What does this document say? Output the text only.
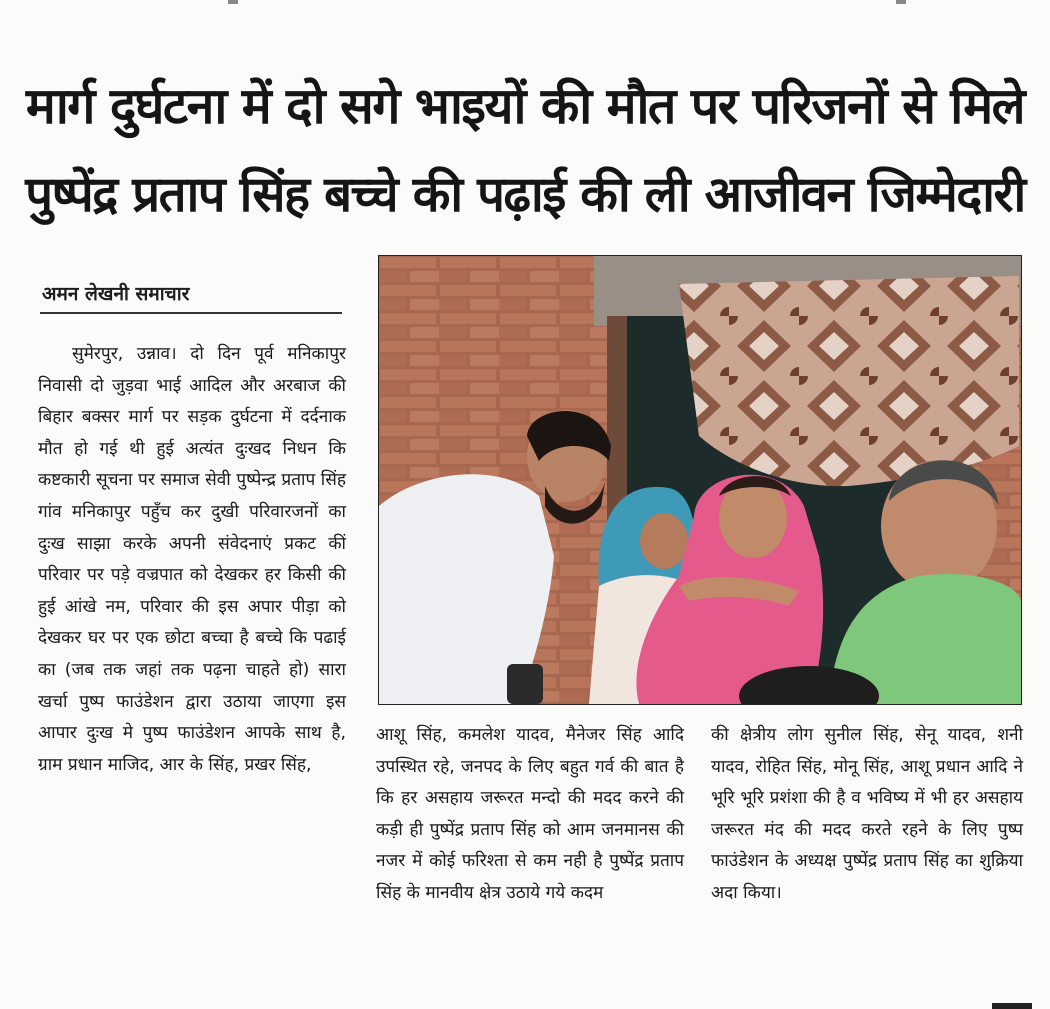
मार्ग दुर्घटना में दो सगे भाइयों की मौत पर परिजनों से मिले
पुष्पेंद्र प्रताप सिंह बच्चे की पढ़ाई की ली आजीवन जिम्मेदारी
अमन लेखनी समाचार

सुमेरपुर, उन्नाव। दो दिन पूर्व मनिकापुर निवासी दो जुड़वा भाई आदिल और अरबाज की बिहार बक्सर मार्ग पर सड़क दुर्घटना में दर्दनाक मौत हो गई थी हुई अत्यंत दुःखद निधन कि कष्टकारी सूचना पर समाज सेवी पुष्पेन्द्र प्रताप सिंह गांव मनिकापुर पहुँच कर दुखी परिवारजनों का दुःख साझा करके अपनी संवेदनाएं प्रकट कीं परिवार पर पड़े वज्रपात को देखकर हर किसी की हुई आंखे नम, परिवार की इस अपार पीड़ा को देखकर घर पर एक छोटा बच्चा है बच्चे कि पढाई का (जब तक जहां तक पढ़ना चाहते हो) सारा खर्चा पुष्प फाउंडेशन द्वारा उठाया जाएगा इस आपार दुःख मे पुष्प फाउंडेशन आपके साथ है, ग्राम प्रधान माजिद, आर के सिंह, प्रखर सिंह,

आशू सिंह, कमलेश यादव, मैनेजर सिंह आदि उपस्थित रहे, जनपद के लिए बहुत गर्व की बात है कि हर असहाय जरूरत मन्दो की मदद करने की कड़ी ही पुष्पेंद्र प्रताप सिंह को आम जनमानस की नजर में कोई फरिश्ता से कम नही है पुष्पेंद्र प्रताप सिंह के मानवीय क्षेत्र उठाये गये कदम

की क्षेत्रीय लोग सुनील सिंह, सेनू यादव, शनी यादव, रोहित सिंह, मोनू सिंह, आशू प्रधान आदि ने भूरि भूरि प्रशंशा की है व भविष्य में भी हर असहाय जरूरत मंद की मदद करते रहने के लिए पुष्प फाउंडेशन के अध्यक्ष पुष्पेंद्र प्रताप सिंह का शुक्रिया अदा किया।
